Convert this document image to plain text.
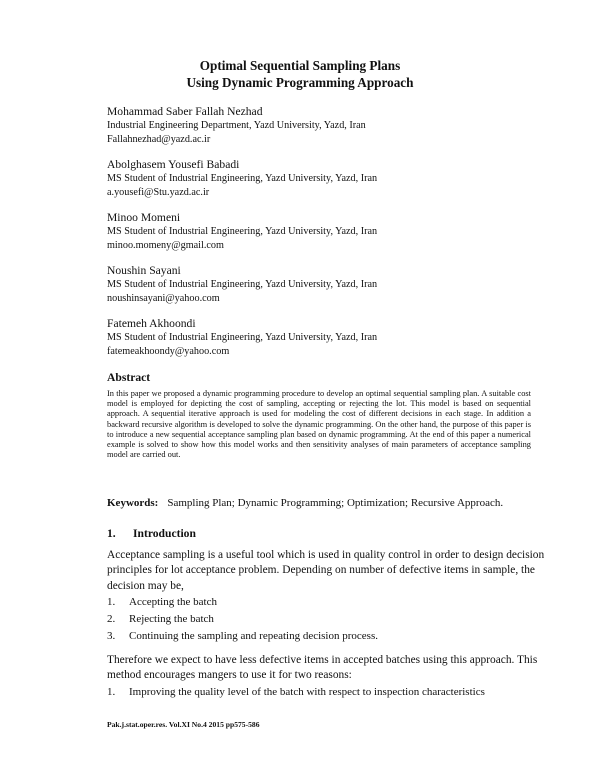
Optimal Sequential Sampling Plans
Using Dynamic Programming Approach
Mohammad Saber Fallah Nezhad
Industrial Engineering Department, Yazd University, Yazd, Iran
Fallahnezhad@yazd.ac.ir
Abolghasem Yousefi Babadi
MS Student of Industrial Engineering, Yazd University, Yazd, Iran
a.yousefi@Stu.yazd.ac.ir
Minoo Momeni
MS Student of Industrial Engineering, Yazd University, Yazd, Iran
minoo.momeny@gmail.com
Noushin Sayani
MS Student of Industrial Engineering, Yazd University, Yazd, Iran
noushinsayani@yahoo.com
Fatemeh Akhoondi
MS Student of Industrial Engineering, Yazd University, Yazd, Iran
fatemeakhoondy@yahoo.com
Abstract
In this paper we proposed a dynamic programming procedure to develop an optimal sequential sampling plan. A suitable cost model is employed for depicting the cost of sampling, accepting or rejecting the lot. This model is based on sequential approach. A sequential iterative approach is used for modeling the cost of different decisions in each stage. In addition a backward recursive algorithm is developed to solve the dynamic programming. On the other hand, the purpose of this paper is to introduce a new sequential acceptance sampling plan based on dynamic programming. At the end of this paper a numerical example is solved to show how this model works and then sensitivity analyses of main parameters of acceptance sampling model are carried out.
Keywords: Sampling Plan; Dynamic Programming; Optimization; Recursive Approach.
1. Introduction
Acceptance sampling is a useful tool which is used in quality control in order to design decision principles for lot acceptance problem. Depending on number of defective items in sample, the decision may be,
1. Accepting the batch
2. Rejecting the batch
3. Continuing the sampling and repeating decision process.
Therefore we expect to have less defective items in accepted batches using this approach. This method encourages mangers to use it for two reasons:
1. Improving the quality level of the batch with respect to inspection characteristics
Pak.j.stat.oper.res. Vol.XI No.4 2015 pp575-586
